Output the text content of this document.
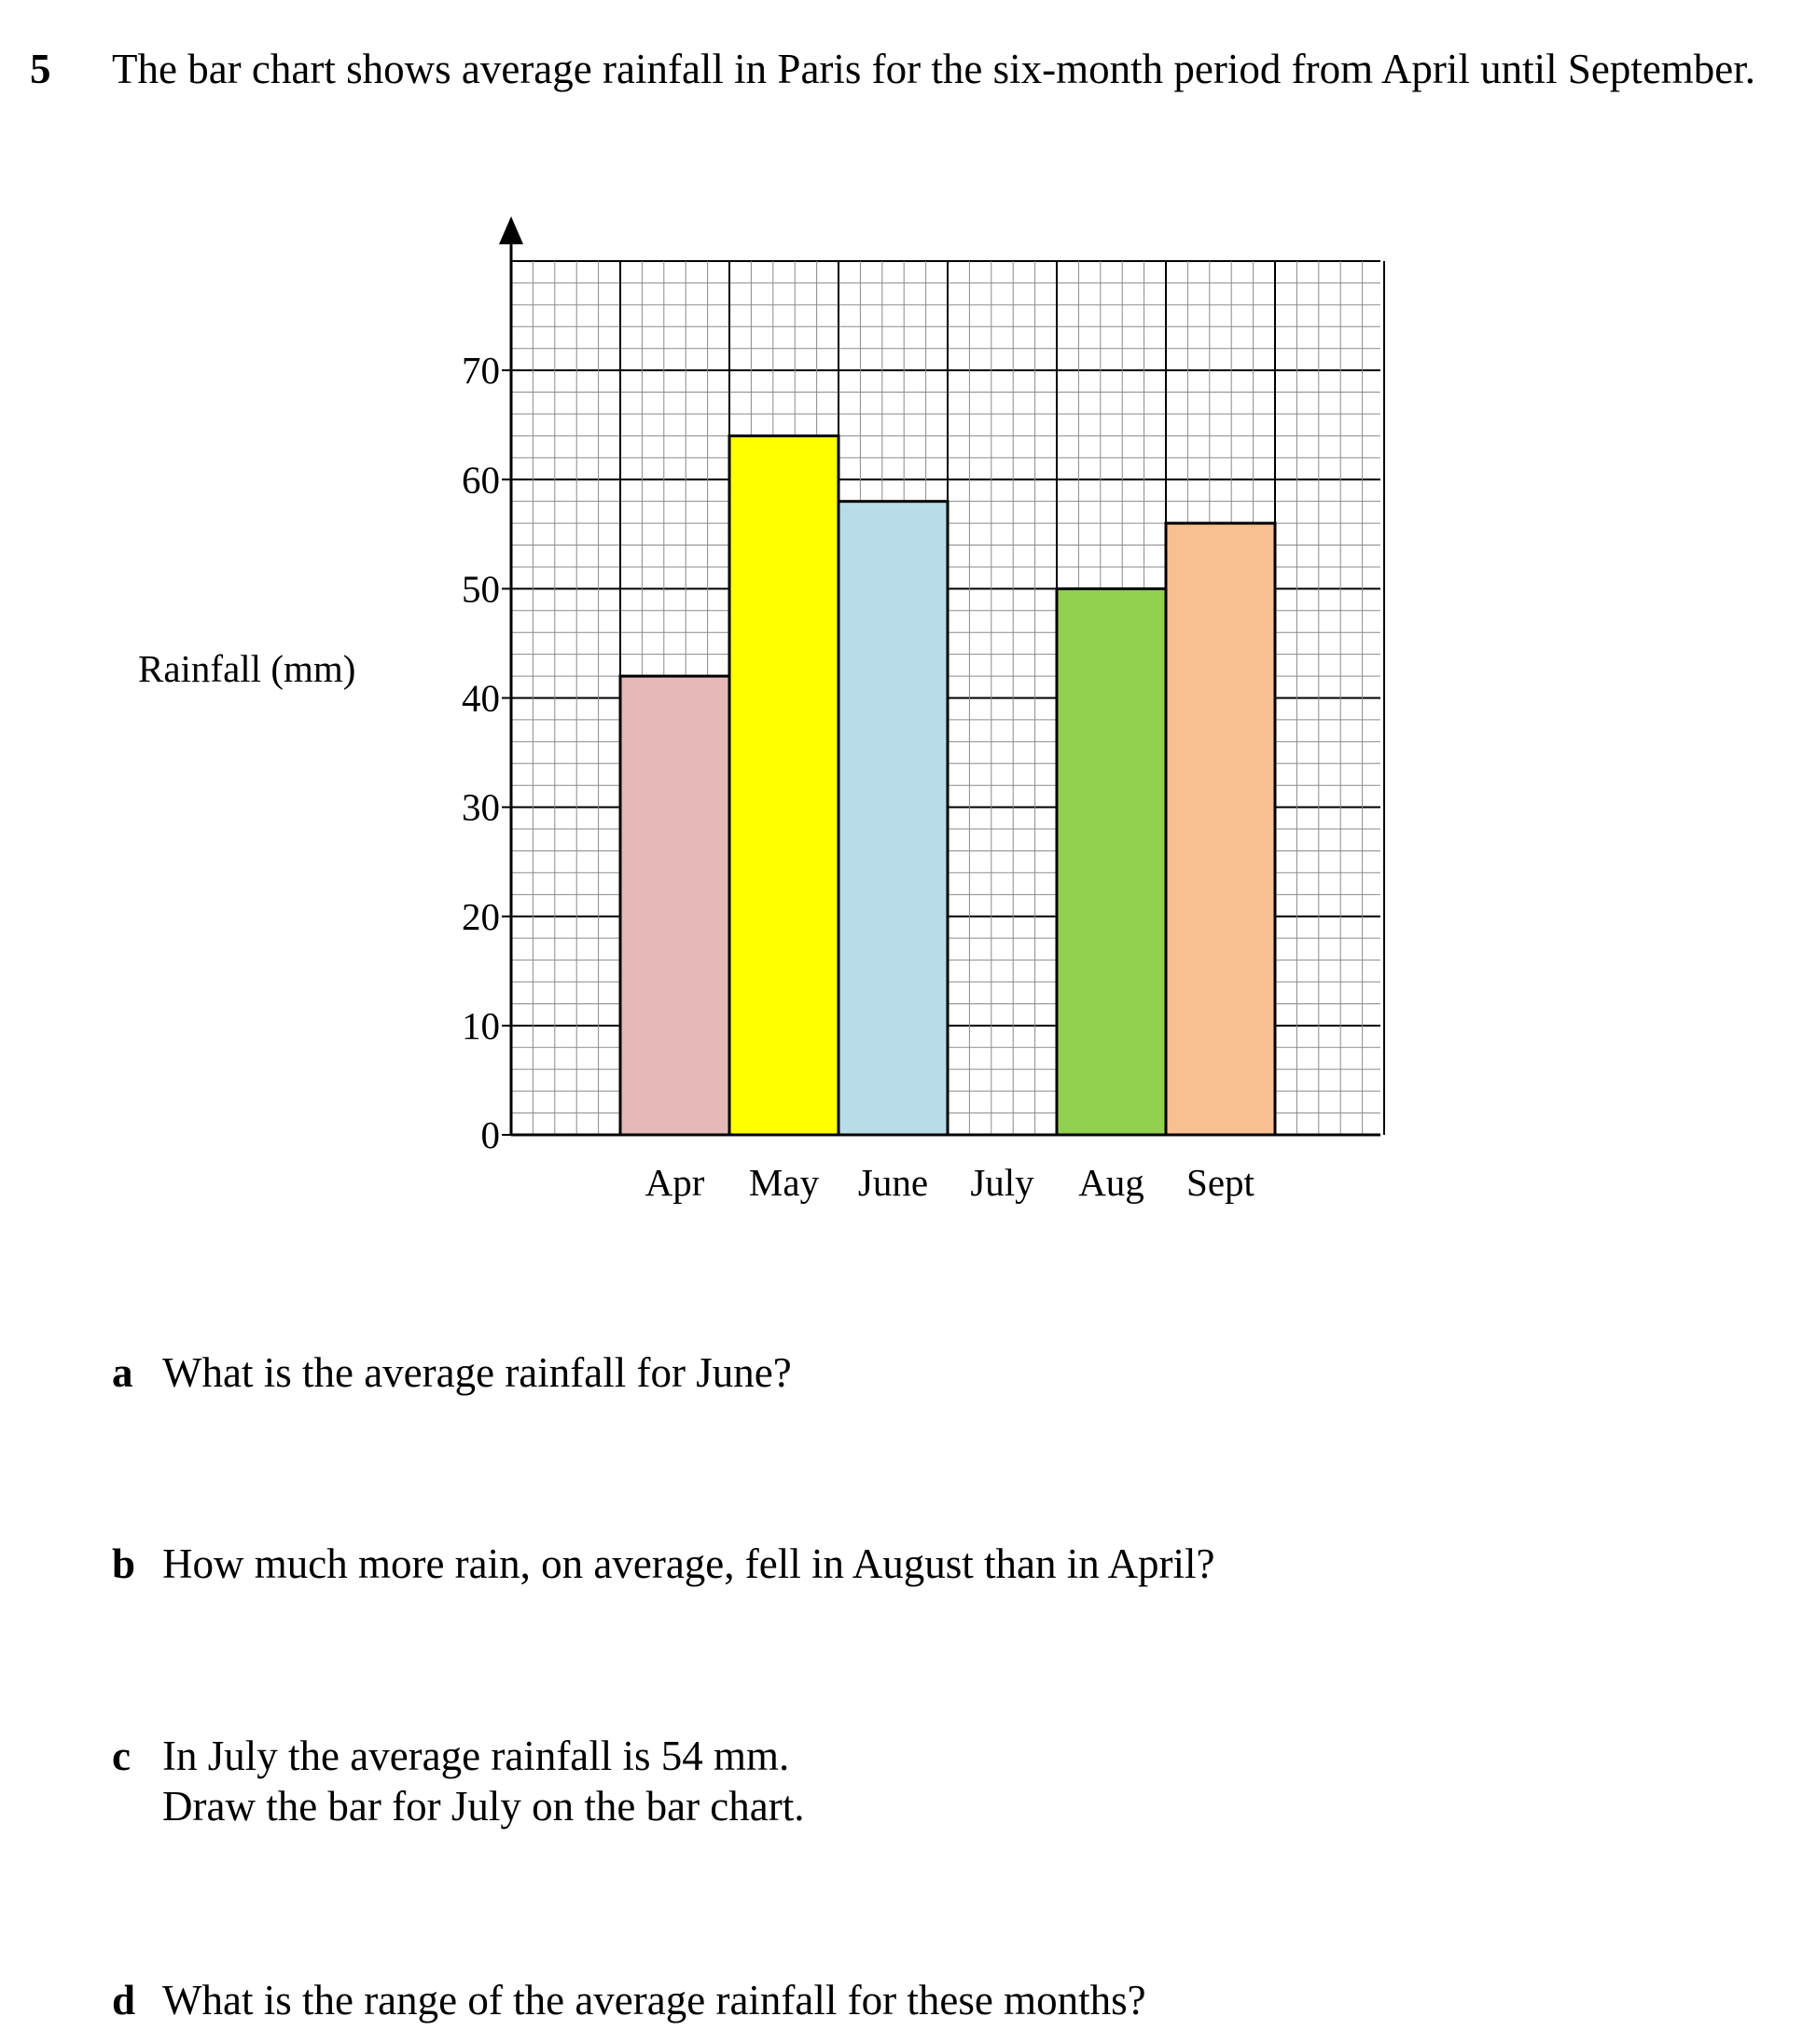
5 The bar chart shows average rainfall in Paris for the six-month period from April until September.
Rainfall (mm)
0
10
20
30
40
50
60
70
Apr May June July Aug Sept
a What is the average rainfall for June?
b How much more rain, on average, fell in August than in April?
c In July the average rainfall is 54 mm.
Draw the bar for July on the bar chart.
d What is the range of the average rainfall for these months?
